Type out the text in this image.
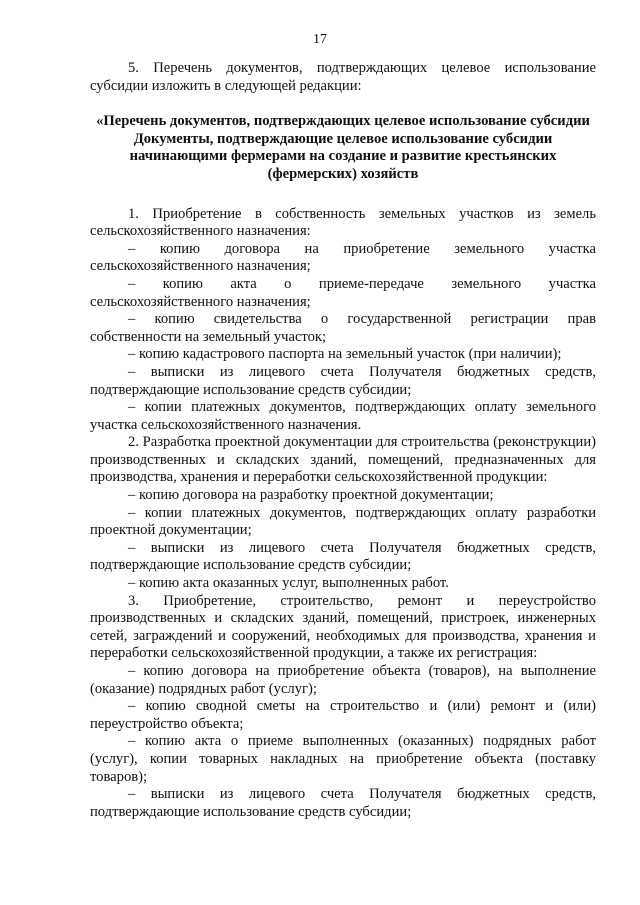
17

5. Перечень документов, подтверждающих целевое использование субсидии изложить в следующей редакции:

«Перечень документов, подтверждающих целевое использование субсидии
Документы, подтверждающие целевое использование субсидии начинающими фермерами на создание и развитие крестьянских (фермерских) хозяйств

1. Приобретение в собственность земельных участков из земель сельскохозяйственного назначения:

– копию договора на приобретение земельного участка сельскохозяйственного назначения;

– копию акта о приеме-передаче земельного участка сельскохозяйственного назначения;

– копию свидетельства о государственной регистрации прав собственности на земельный участок;

– копию кадастрового паспорта на земельный участок (при наличии);

– выписки из лицевого счета Получателя бюджетных средств, подтверждающие использование средств субсидии;

– копии платежных документов, подтверждающих оплату земельного участка сельскохозяйственного назначения.

2. Разработка проектной документации для строительства (реконструкции) производственных и складских зданий, помещений, предназначенных для производства, хранения и переработки сельскохозяйственной продукции:

– копию договора на разработку проектной документации;

– копии платежных документов, подтверждающих оплату разработки проектной документации;

– выписки из лицевого счета Получателя бюджетных средств, подтверждающие использование средств субсидии;

– копию акта оказанных услуг, выполненных работ.

3. Приобретение, строительство, ремонт и переустройство производственных и складских зданий, помещений, пристроек, инженерных сетей, заграждений и сооружений, необходимых для производства, хранения и переработки сельскохозяйственной продукции, а также их регистрация:

– копию договора на приобретение объекта (товаров), на выполнение (оказание) подрядных работ (услуг);

– копию сводной сметы на строительство и (или) ремонт и (или) переустройство объекта;

– копию акта о приеме выполненных (оказанных) подрядных работ (услуг), копии товарных накладных на приобретение объекта (поставку товаров);

– выписки из лицевого счета Получателя бюджетных средств, подтверждающие использование средств субсидии;
